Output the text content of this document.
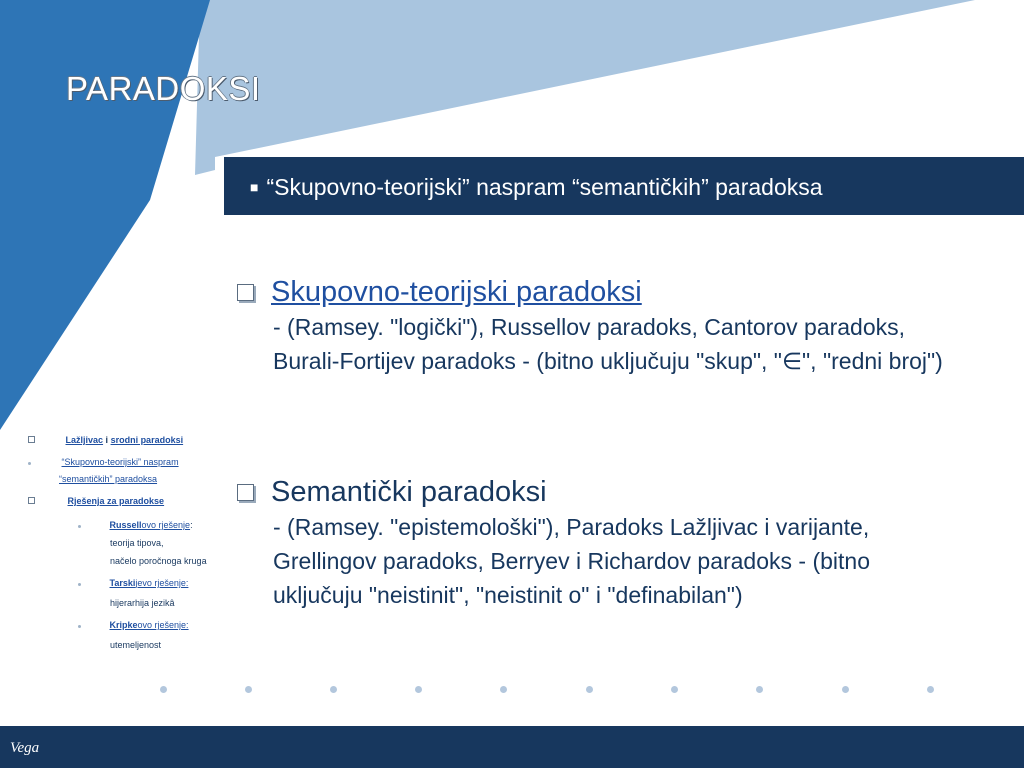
PARADOKSI
■ “Skupovno-teorijski” naspram “semantičkih” paradoksa
Skupovno-teorijski paradoksi
- (Ramsey. "logički"), Russellov paradoks, Cantorov paradoks, Burali-Fortijev paradoks - (bitno uključuju "skup", "∈", "redni broj")
Semantički paradoksi
- (Ramsey. "epistemološki"), Paradoks Lažljivac i varijante, Grellingov paradoks, Berryev i Richardov paradoks - (bitno uključuju "neistinit", "neistinit o" i "definabilan")
Lažljivac i srodni paradoksi
“Skupovno-teorijski” naspram
“semantičkih” paradoksa
Rješenja za paradokse
Russellovo rješenje:
teorija tipova,
načelo poročnoga kruga
Tarskijevo rješenje:
hijerarhija jezikâ
Kripkeovo rješenje:
utemeljenost
Vega
